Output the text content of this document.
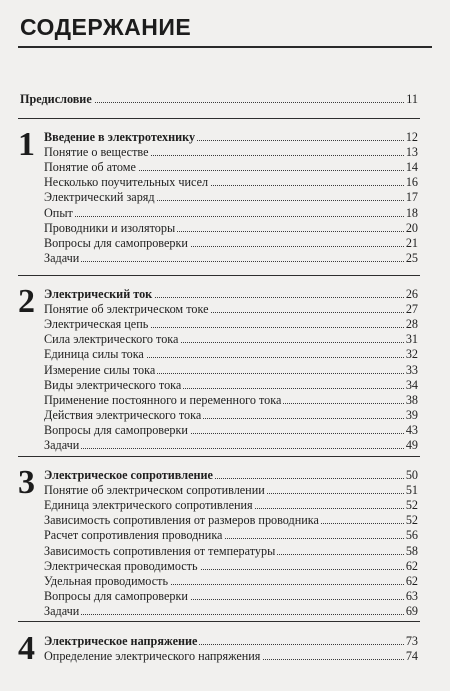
СОДЕРЖАНИЕ
Предисловие	11
1 Введение в электротехнику	12
Понятие о веществе	13
Понятие об атоме	14
Несколько поучительных чисел	16
Электрический заряд	17
Опыт	18
Проводники и изоляторы	20
Вопросы для самопроверки	21
Задачи	25
2 Электрический ток	26
Понятие об электрическом токе	27
Электрическая цепь	28
Сила электрического тока	31
Единица силы тока	32
Измерение силы тока	33
Виды электрического тока	34
Применение постоянного и переменного тока	38
Действия электрического тока	39
Вопросы для самопроверки	43
Задачи	49
3 Электрическое сопротивление	50
Понятие об электрическом сопротивлении	51
Единица электрического сопротивления	52
Зависимость сопротивления от размеров проводника	52
Расчет сопротивления проводника	56
Зависимость сопротивления от температуры	58
Электрическая проводимость	62
Удельная проводимость	62
Вопросы для самопроверки	63
Задачи	69
4 Электрическое напряжение	73
Определение электрического напряжения	74
